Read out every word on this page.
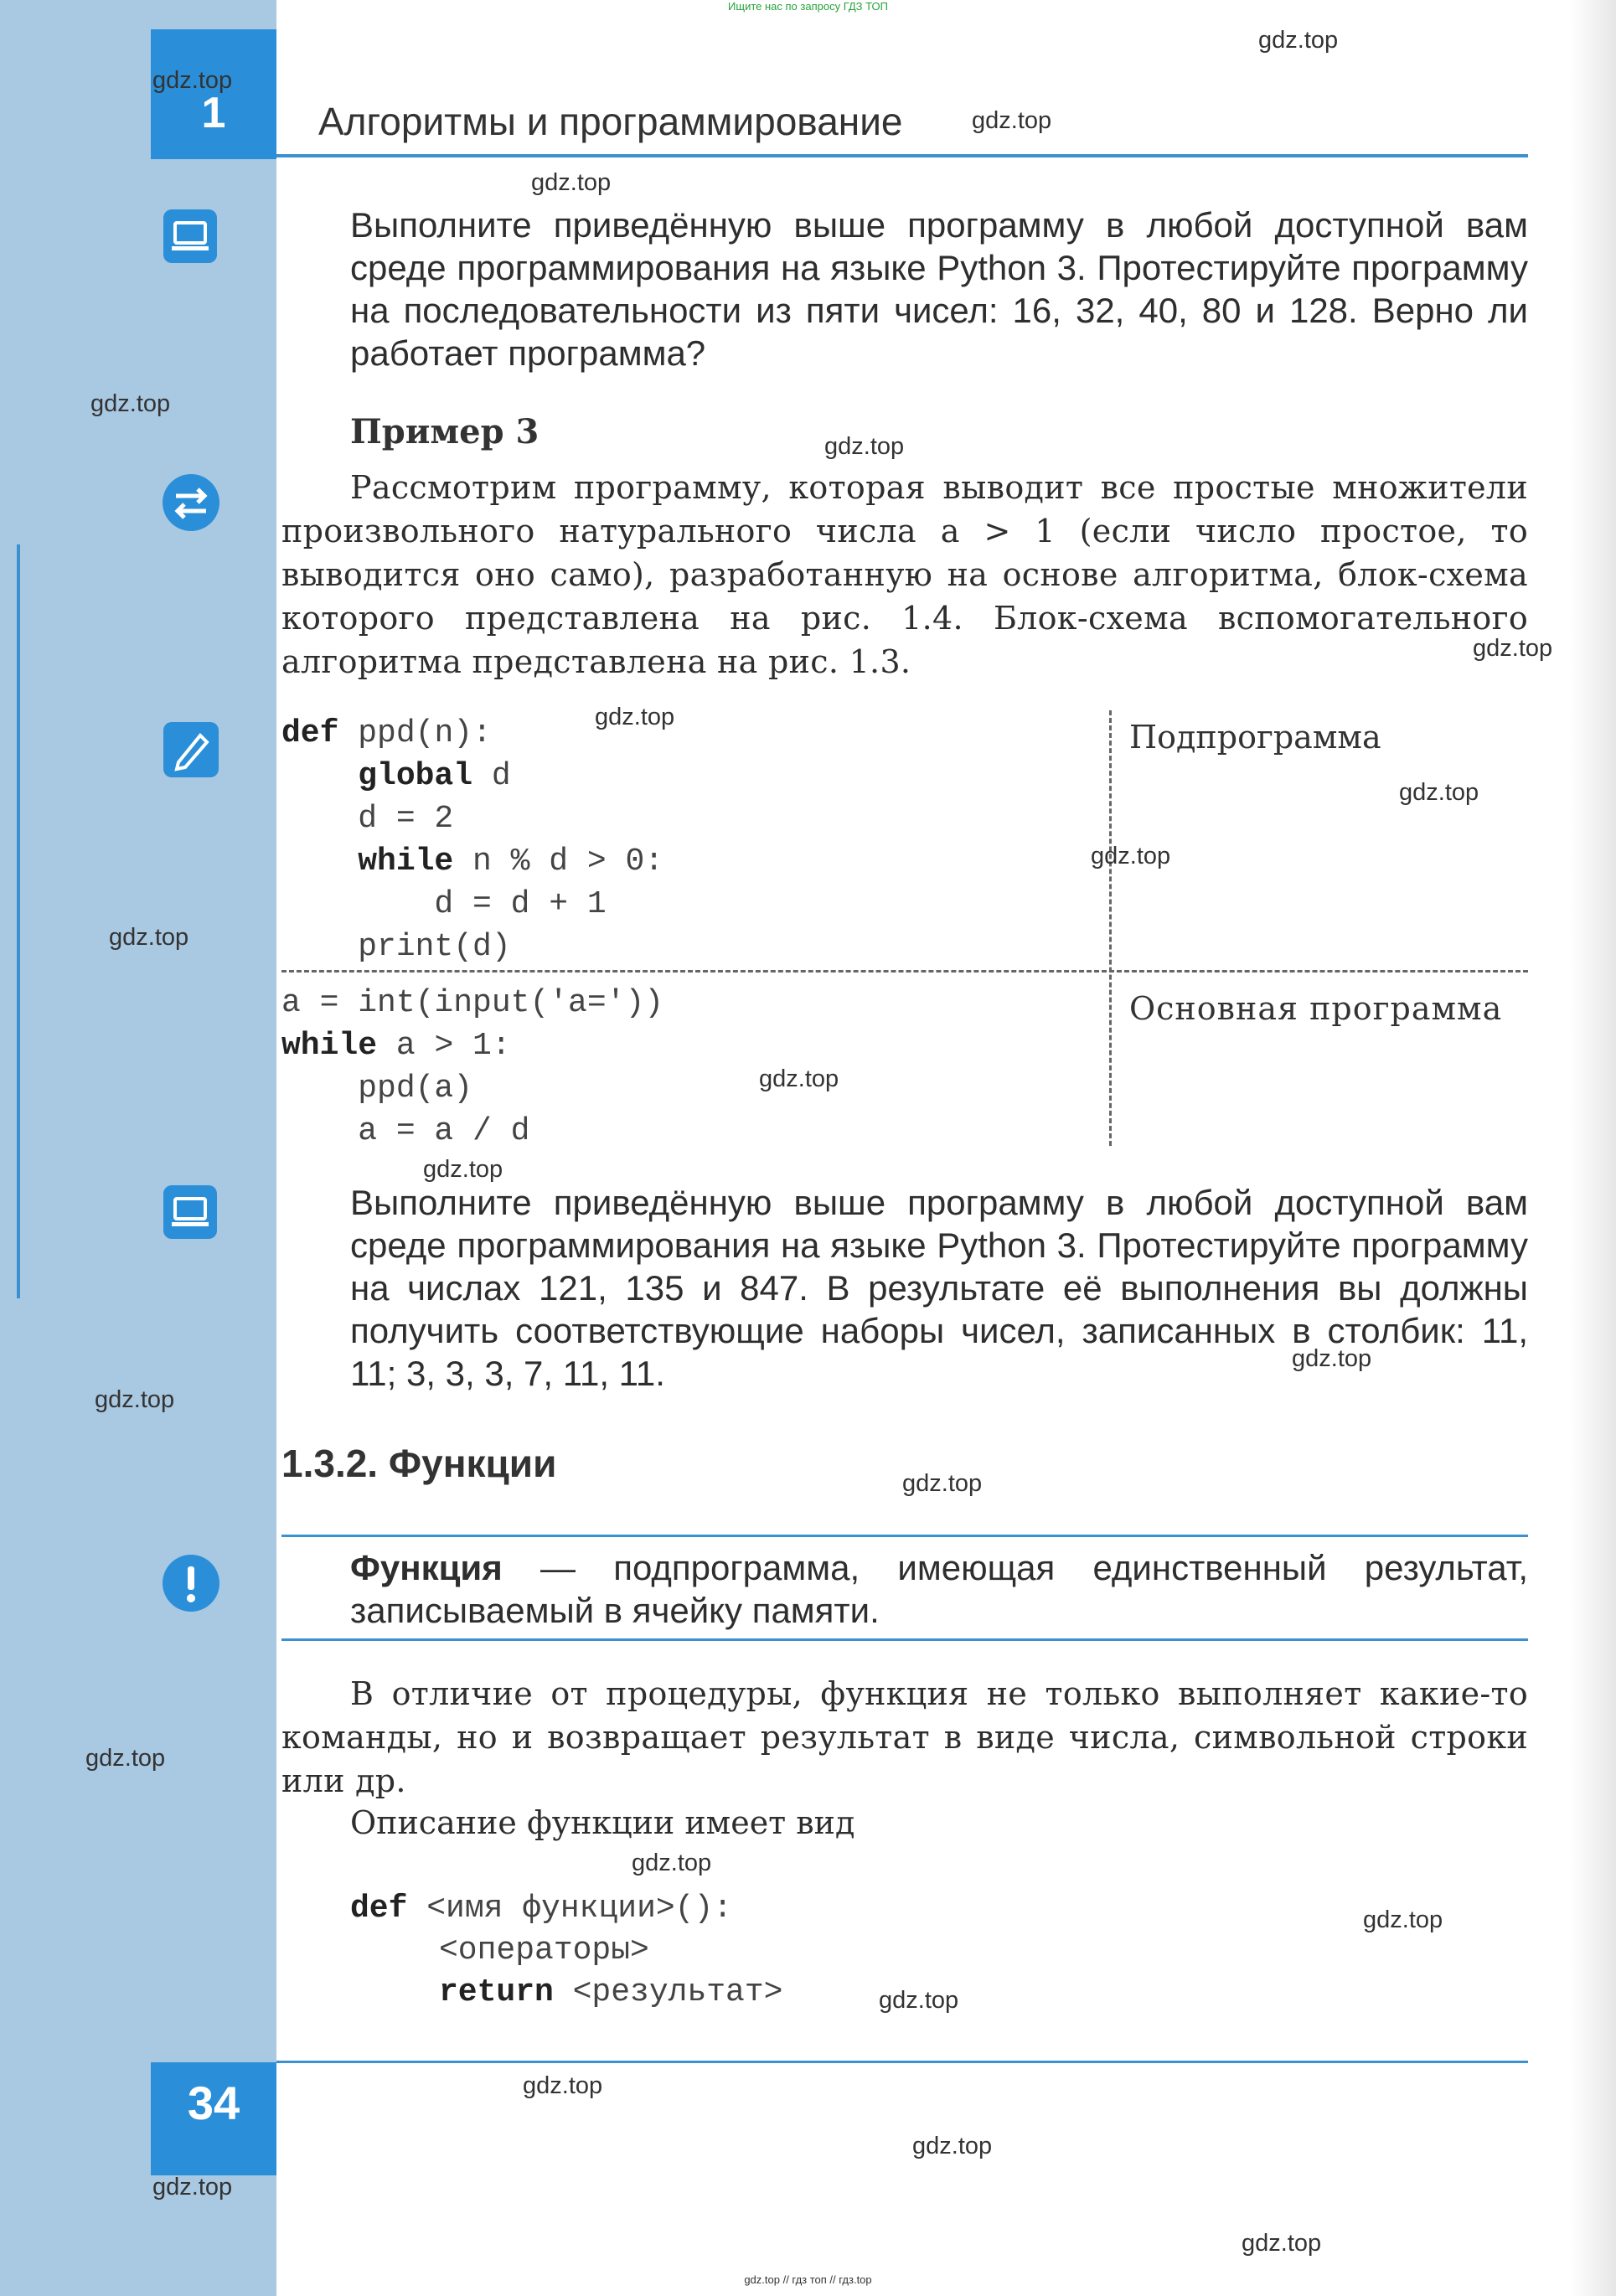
Ищите нас по запросу ГДЗ ТОП
gdz.top // гдз топ // гдз.top
1	Алгоритмы и программирование
Выполните приведённую выше программу в любой доступной вам среде программирования на языке Python 3. Протестируйте программу на последовательности из пяти чисел: 16, 32, 40, 80 и 128. Верно ли работает программа?
Пример 3
Рассмотрим программу, которая выводит все простые множители произвольного натурального числа a > 1 (если число простое, то выводится оно само), разработанную на основе алгоритма, блок-схема которого представлена на рис. 1.4. Блок-схема вспомогательного алгоритма представлена на рис. 1.3.
def ppd(n):
global d
d = 2
while n % d > 0:
d = d + 1
print(d)
Подпрограмма
Основная программа
a = int(input('a='))
while a > 1:
ppd(a)
a = a / d
Выполните приведённую выше программу в любой доступной вам среде программирования на языке Python 3. Протестируйте программу на числах 121, 135 и 847. В результате её выполнения вы должны получить соответствующие наборы чисел, записанных в столбик: 11, 11; 3, 3, 3, 7, 11, 11.
1.3.2. Функции
Функция — подпрограмма, имеющая единственный результат, записываемый в ячейку памяти.
В отличие от процедуры, функция не только выполняет какие-то команды, но и возвращает результат в виде числа, символьной строки или др.
Описание функции имеет вид
def <имя функции>():
<операторы>
return <результат>
34
gdz.top
gdz.top
gdz.top
gdz.top
gdz.top
gdz.top
gdz.top
gdz.top
gdz.top
gdz.top
gdz.top
gdz.top
gdz.top
gdz.top
gdz.top
gdz.top
gdz.top
gdz.top
gdz.top
gdz.top
gdz.top
gdz.top
gdz.top
gdz.top
